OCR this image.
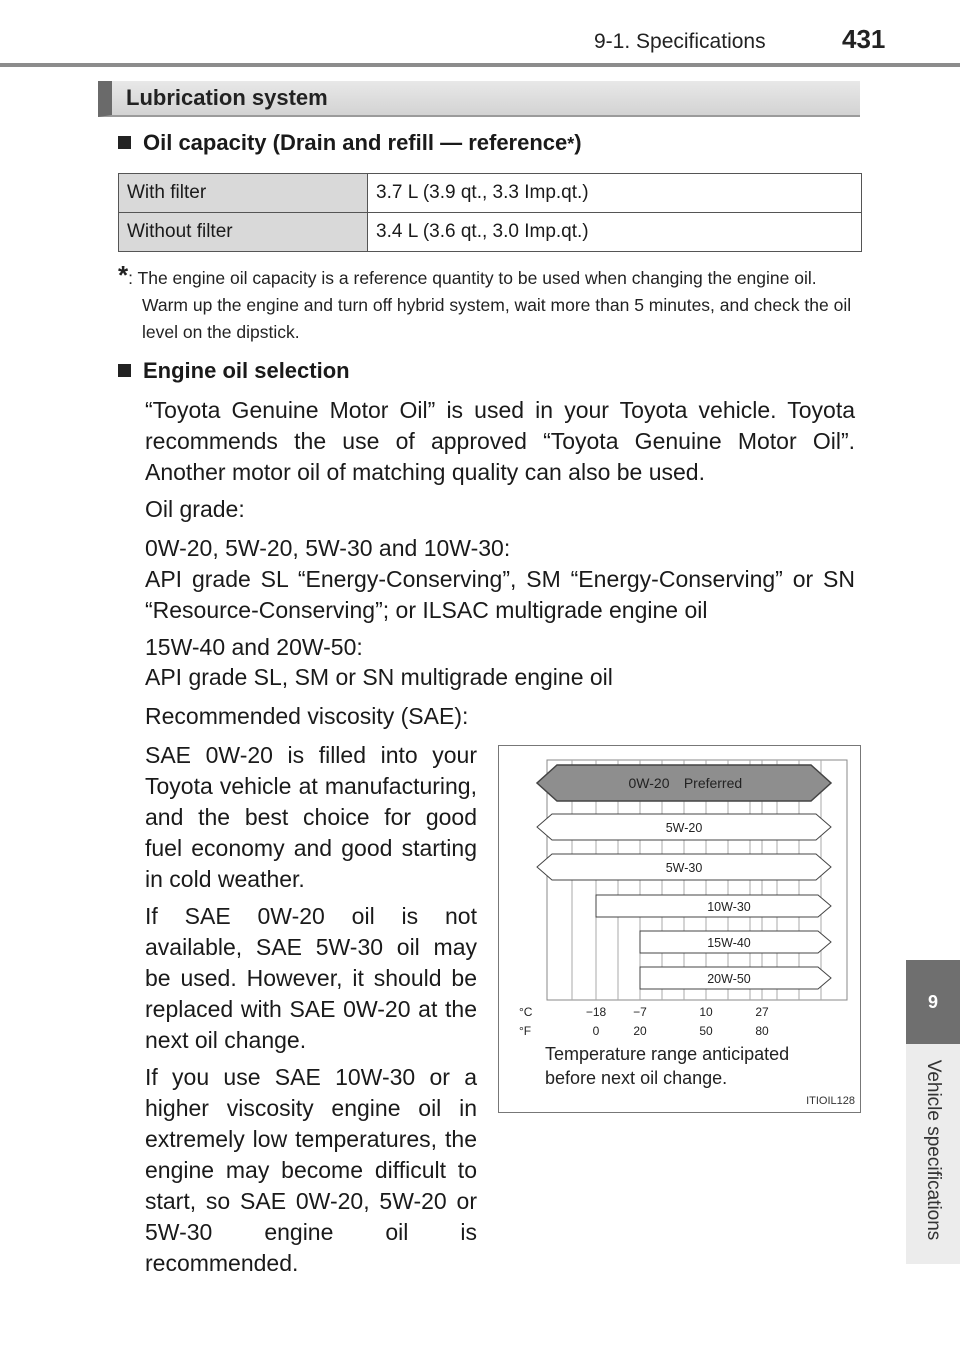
9-1. Specifications	431
9
Vehicle specifications
Lubrication system
Oil capacity (Drain and refill — reference * )
With filter	3.7 L (3.9 qt., 3.3 Imp.qt.)
Without filter	3.4 L (3.6 qt., 3.0 Imp.qt.)
*: The engine oil capacity is a reference quantity to be used when changing the engine oil. Warm up the engine and turn off hybrid system, wait more than 5 minutes, and check the oil level on the dipstick.
Engine oil selection

“Toyota Genuine Motor Oil” is used in your Toyota vehicle. Toyota recommends the use of approved “Toyota Genuine Motor Oil”. Another motor oil of matching quality can also be used.

Oil grade:

0W-20, 5W-20, 5W-30 and 10W-30:

API grade SL “Energy-Conserving”, SM “Energy-Conserving” or SN “Resource-Conserving”; or ILSAC multigrade engine oil

15W-40 and 20W-50:

API grade SL, SM or SN multigrade engine oil

Recommended viscosity (SAE):

SAE 0W-20 is filled into your Toyota vehicle at manufacturing, and the best choice for good fuel economy and good starting in cold weather.

If SAE 0W-20 oil is not available, SAE 5W-30 oil may be used. However, it should be replaced with SAE 0W-20 at the next oil change.

If you use SAE 10W-30 or a higher viscosity engine oil in extremely low temperatures, the engine may become difficult to start, so SAE 0W-20, 5W-20 or 5W-30 engine oil is recommended.

0W-20 Preferred
5W-20
5W-30
10W-30
15W-40
20W-50
°C
°F
−18 −7	10	27
0	20	50	80
Temperature range anticipated before next oil change.
ITIOIL128
